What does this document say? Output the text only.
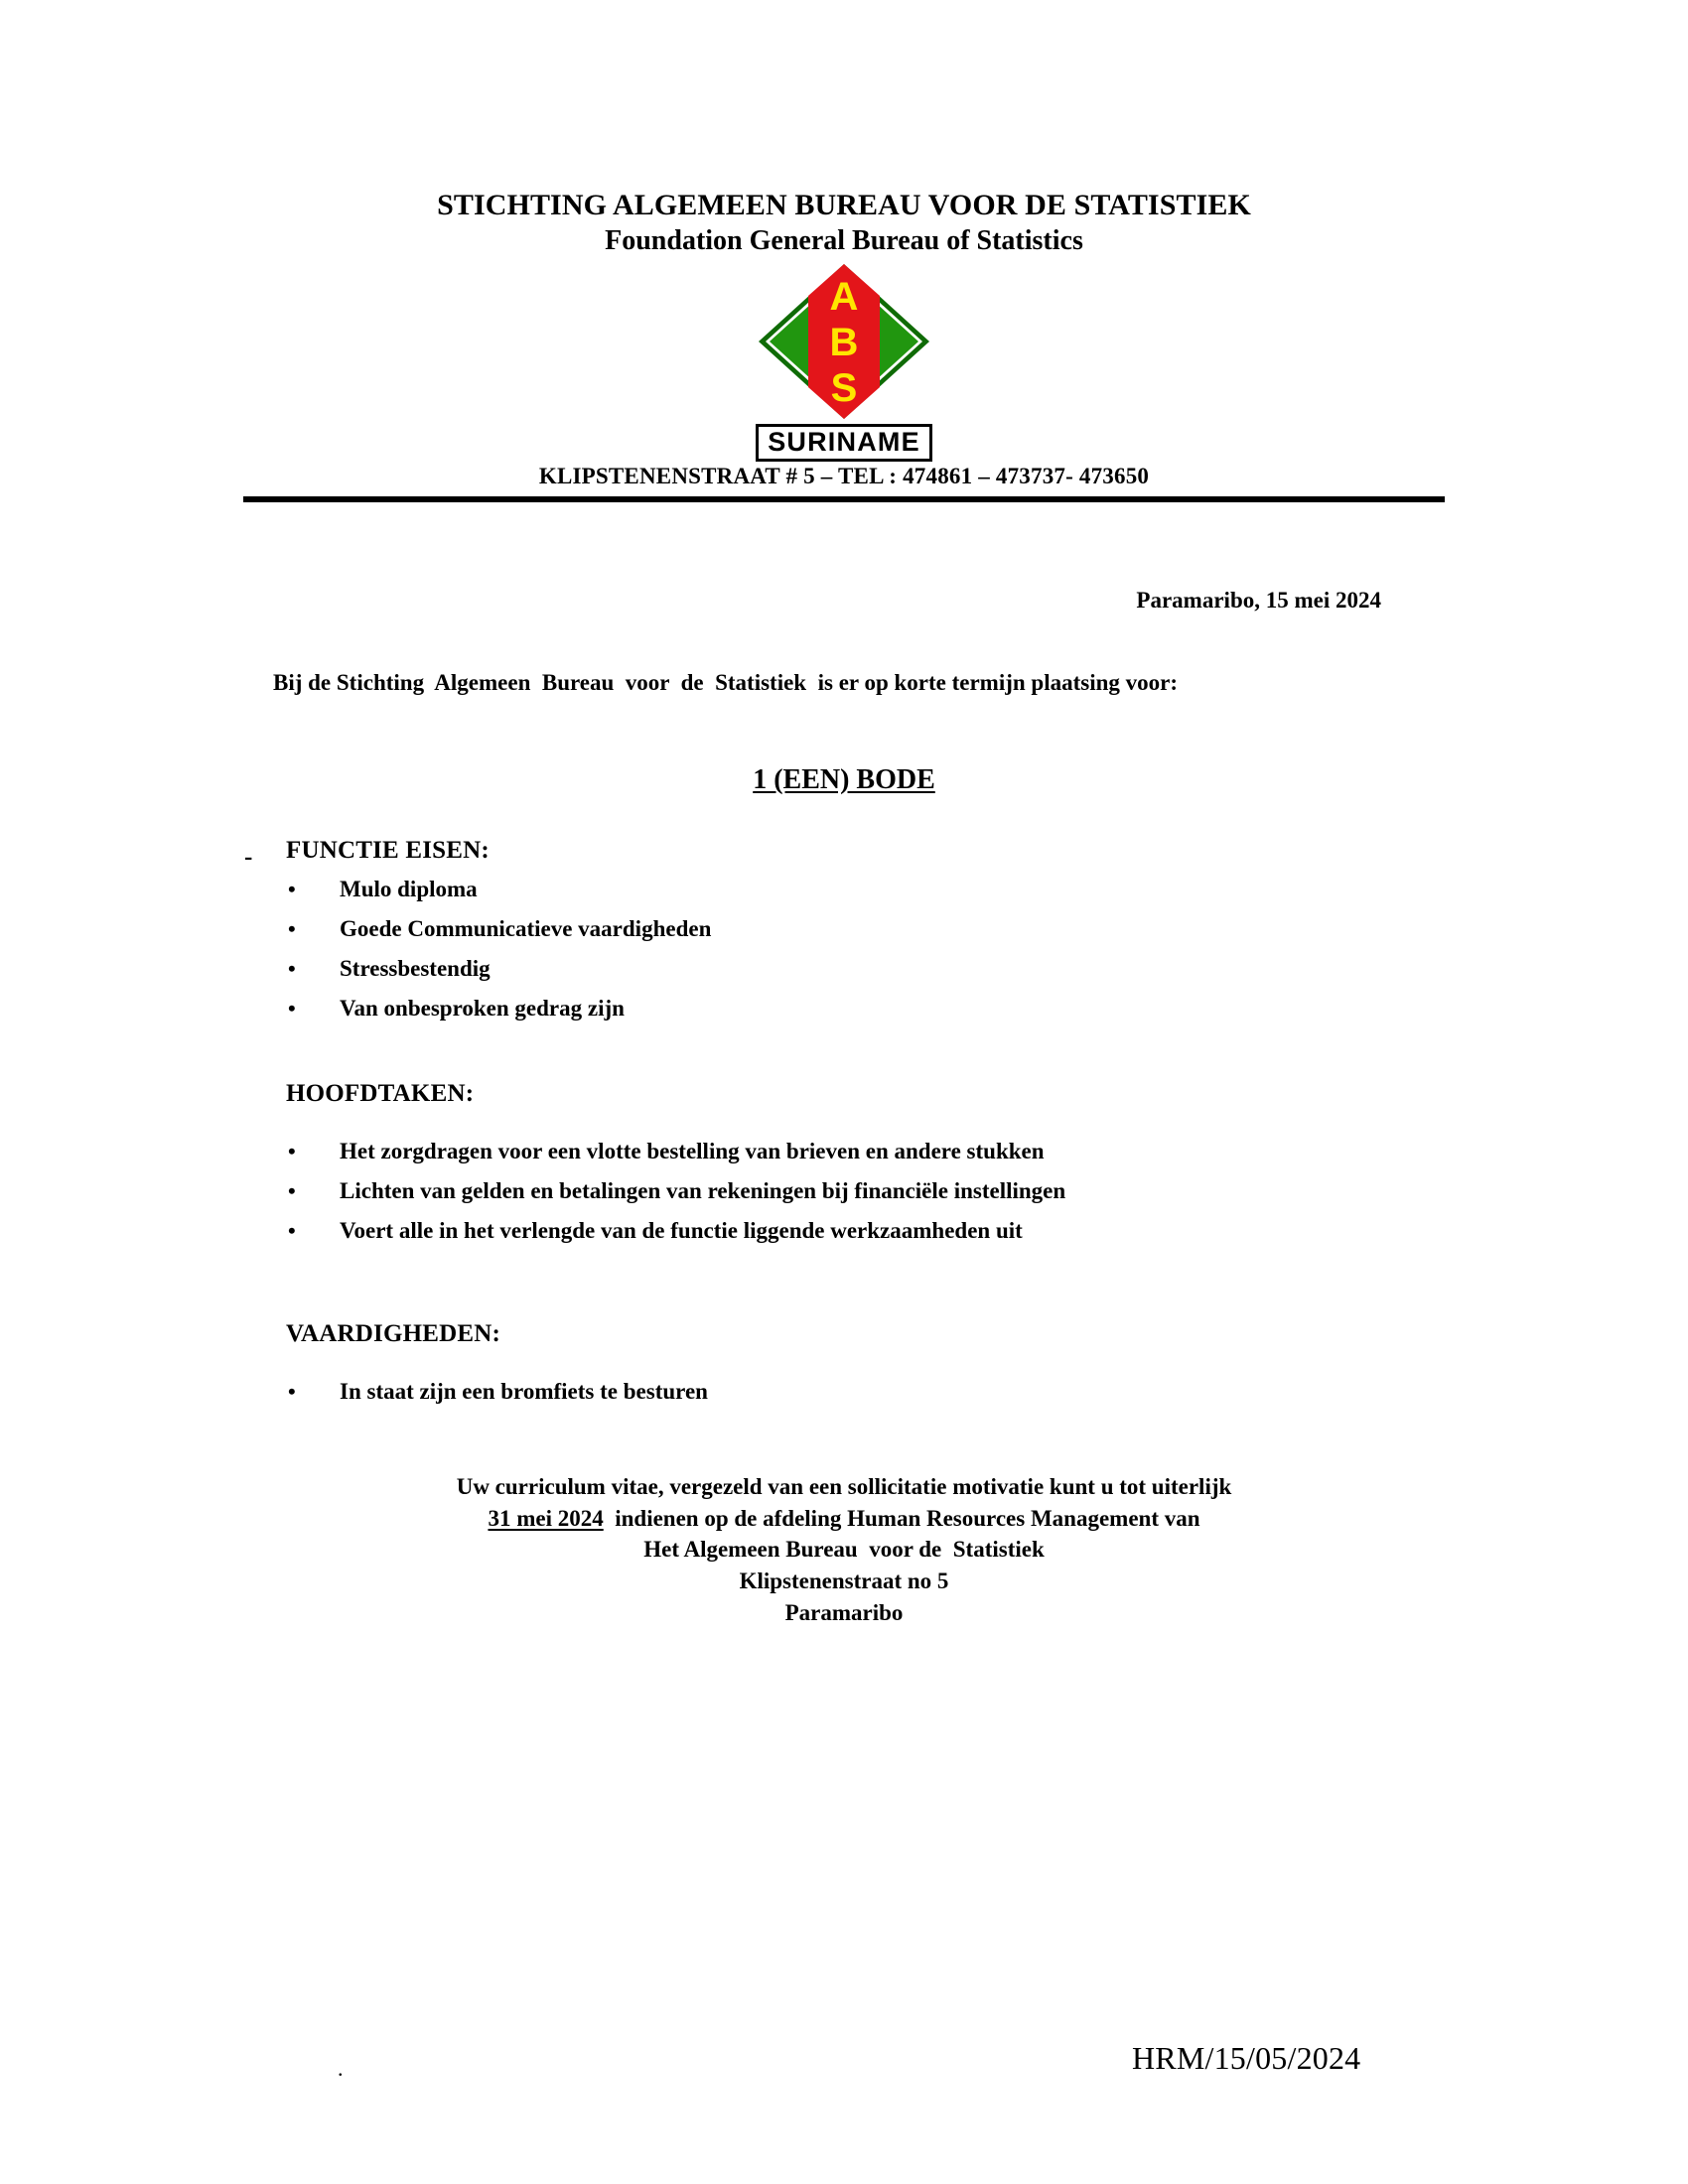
STICHTING ALGEMEEN BUREAU VOOR DE STATISTIEK
Foundation General Bureau of Statistics
A
B
S
SURINAME
KLIPSTENENSTRAAT # 5 – TEL : 474861 – 473737- 473650
Paramaribo, 15 mei 2024
Bij de Stichting  Algemeen  Bureau  voor  de  Statistiek  is er op korte termijn plaatsing voor:
1 (EEN) BODE
- FUNCTIE EISEN:
•	Mulo diploma
•	Goede Communicatieve vaardigheden
•	Stressbestendig
•	Van onbesproken gedrag zijn
HOOFDTAKEN:
•	Het zorgdragen voor een vlotte bestelling van brieven en andere stukken
•	Lichten van gelden en betalingen van rekeningen bij financiële instellingen
•	Voert alle in het verlengde van de functie liggende werkzaamheden uit
VAARDIGHEDEN:
•	In staat zijn een bromfiets te besturen
Uw curriculum vitae, vergezeld van een sollicitatie motivatie kunt u tot uiterlijk
31 mei 2024  indienen op de afdeling Human Resources Management van
Het Algemeen Bureau  voor de  Statistiek
Klipstenenstraat no 5
Paramaribo
.	HRM/15/05/2024
